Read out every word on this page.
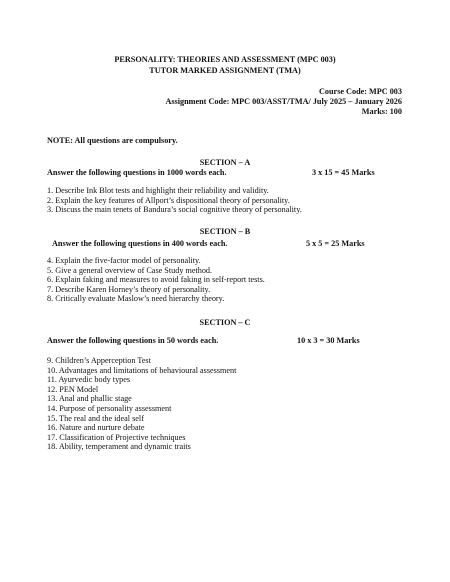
PERSONALITY: THEORIES AND ASSESSMENT (MPC 003)
TUTOR MARKED ASSIGNMENT (TMA)
Course Code: MPC 003
Assignment Code: MPC 003/ASST/TMA/ July 2025 – January 2026
Marks: 100
NOTE: All questions are compulsory.
SECTION – A
Answer the following questions in 1000 words each.	3 x 15 = 45 Marks
1. Describe Ink Blot tests and highlight their reliability and validity.
2. Explain the key features of Allport’s dispositional theory of personality.
3. Discuss the main tenets of Bandura’s social cognitive theory of personality.
SECTION – B
Answer the following questions in 400 words each.	5 x 5 = 25 Marks
4. Explain the five-factor model of personality.
5. Give a general overview of Case Study method.
6. Explain faking and measures to avoid faking in self-report tests.
7. Describe Karen Horney’s theory of personality.
8. Critically evaluate Maslow’s need hierarchy theory.
SECTION – C
Answer the following questions in 50 words each.	10 x 3 = 30 Marks
9. Children’s Apperception Test
10. Advantages and limitations of behavioural assessment
11. Ayurvedic body types
12. PEN Model
13. Anal and phallic stage
14. Purpose of personality assessment
15. The real and the ideal self
16. Nature and nurture debate
17. Classification of Projective techniques
18. Ability, temperament and dynamic traits
